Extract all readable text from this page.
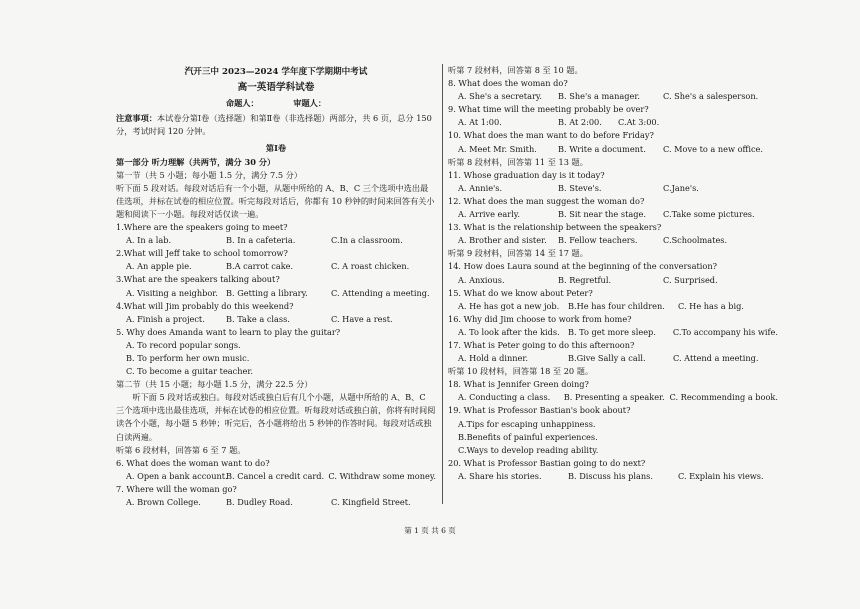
汽开三中 2023—2024 学年度下学期期中考试
高一英语学科试卷
命题人：	审题人：
注意事项：本试卷分第Ⅰ卷（选择题）和第Ⅱ卷（非选择题）两部分，共 6 页，总分 150 分，考试时间 120 分钟。
第Ⅰ卷
第一部分 听力理解（共两节，满分 30 分）
第一节（共 5 小题；每小题 1.5 分，满分 7.5 分）
听下面 5 段对话。每段对话后有一个小题，从题中所给的 A、B、C 三个选项中选出最佳选项，并标在试卷的相应位置。听完每段对话后，你都有 10 秒钟的时间来回答有关小题和阅读下一小题。每段对话仅读一遍。
1.Where are the speakers going to meet?
A. In a lab.	B. In a cafeteria.	C.In a classroom.
2.What will Jeff take to school tomorrow?
A. An apple pie.	B.A carrot cake.	C. A roast chicken.
3.What are the speakers talking about?
A. Visiting a neighbor. B. Getting a library.	C. Attending a meeting.
4.What will Jim probably do this weekend?
A. Finish a project.	B. Take a class.	C. Have a rest.
5. Why does Amanda want to learn to play the guitar?
A. To record popular songs.
B. To perform her own music.
C. To become a guitar teacher.
第二节（共 15 小题；每小题 1.5 分，满分 22.5 分）
听下面 5 段对话或独白。每段对话或独白后有几个小题，从题中所给的 A、B、C 三个选项中选出最佳选项，并标在试卷的相应位置。听每段对话或独白前，你将有时间阅读各个小题，每小题 5 秒钟；听完后，各小题将给出 5 秒钟的作答时间。每段对话或独白读两遍。
听第 6 段材料，回答第 6 至 7 题。
6. What does the woman want to do?
A. Open a bank account.
B. Cancel a credit card. C. Withdraw some money.
7. Where will the woman go?
A. Brown College.	B. Dudley Road.	C. Kingfield Street.
听第 7 段材料，回答第 8 至 10 题。
8. What does the woman do?
A. She's a secretary.	B. She's a manager.	C. She's a salesperson.
9. What time will the meeting probably be over?
A. At 1:00.	B. At 2:00.	C.At 3:00.
10. What does the man want to do before Friday?
A. Meet Mr. Smith.	B. Write a document.	C. Move to a new office.
听第 8 段材料，回答第 11 至 13 题。
11. Whose graduation day is it today?
A. Annie's.	B. Steve's.	C.Jane's.
12. What does the man suggest the woman do?
A. Arrive early.	B. Sit near the stage.	C.Take some pictures.
13. What is the relationship between the speakers?
A. Brother and sister.	B. Fellow teachers.	C.Schoolmates.
听第 9 段材料，回答第 14 至 17 题。
14. How does Laura sound at the beginning of the conversation?
A. Anxious.	B. Regretful.	C. Surprised.
15. What do we know about Peter?
A. He has got a new job.	B.He has four children.	C. He has a big.
16. Why did Jim choose to work from home?
A. To look after the kids.	B. To get more sleep.	C.To accompany his wife.
17. What is Peter going to do this afternoon?
A. Hold a dinner.	B.Give Sally a call.	C. Attend a meeting.
听第 10 段材料，回答第 18 至 20 题。
18. What is Jennifer Green doing?
A. Conducting a class.	B. Presenting a speaker. C. Recommending a book.
19. What is Professor Bastian's book about?
A.Tips for escaping unhappiness.
B.Benefits of painful experiences.
C.Ways to develop reading ability.
20. What is Professor Bastian going to do next?
A. Share his stories.	B. Discuss his plans.	C. Explain his views.
第 1 页 共 6 页
